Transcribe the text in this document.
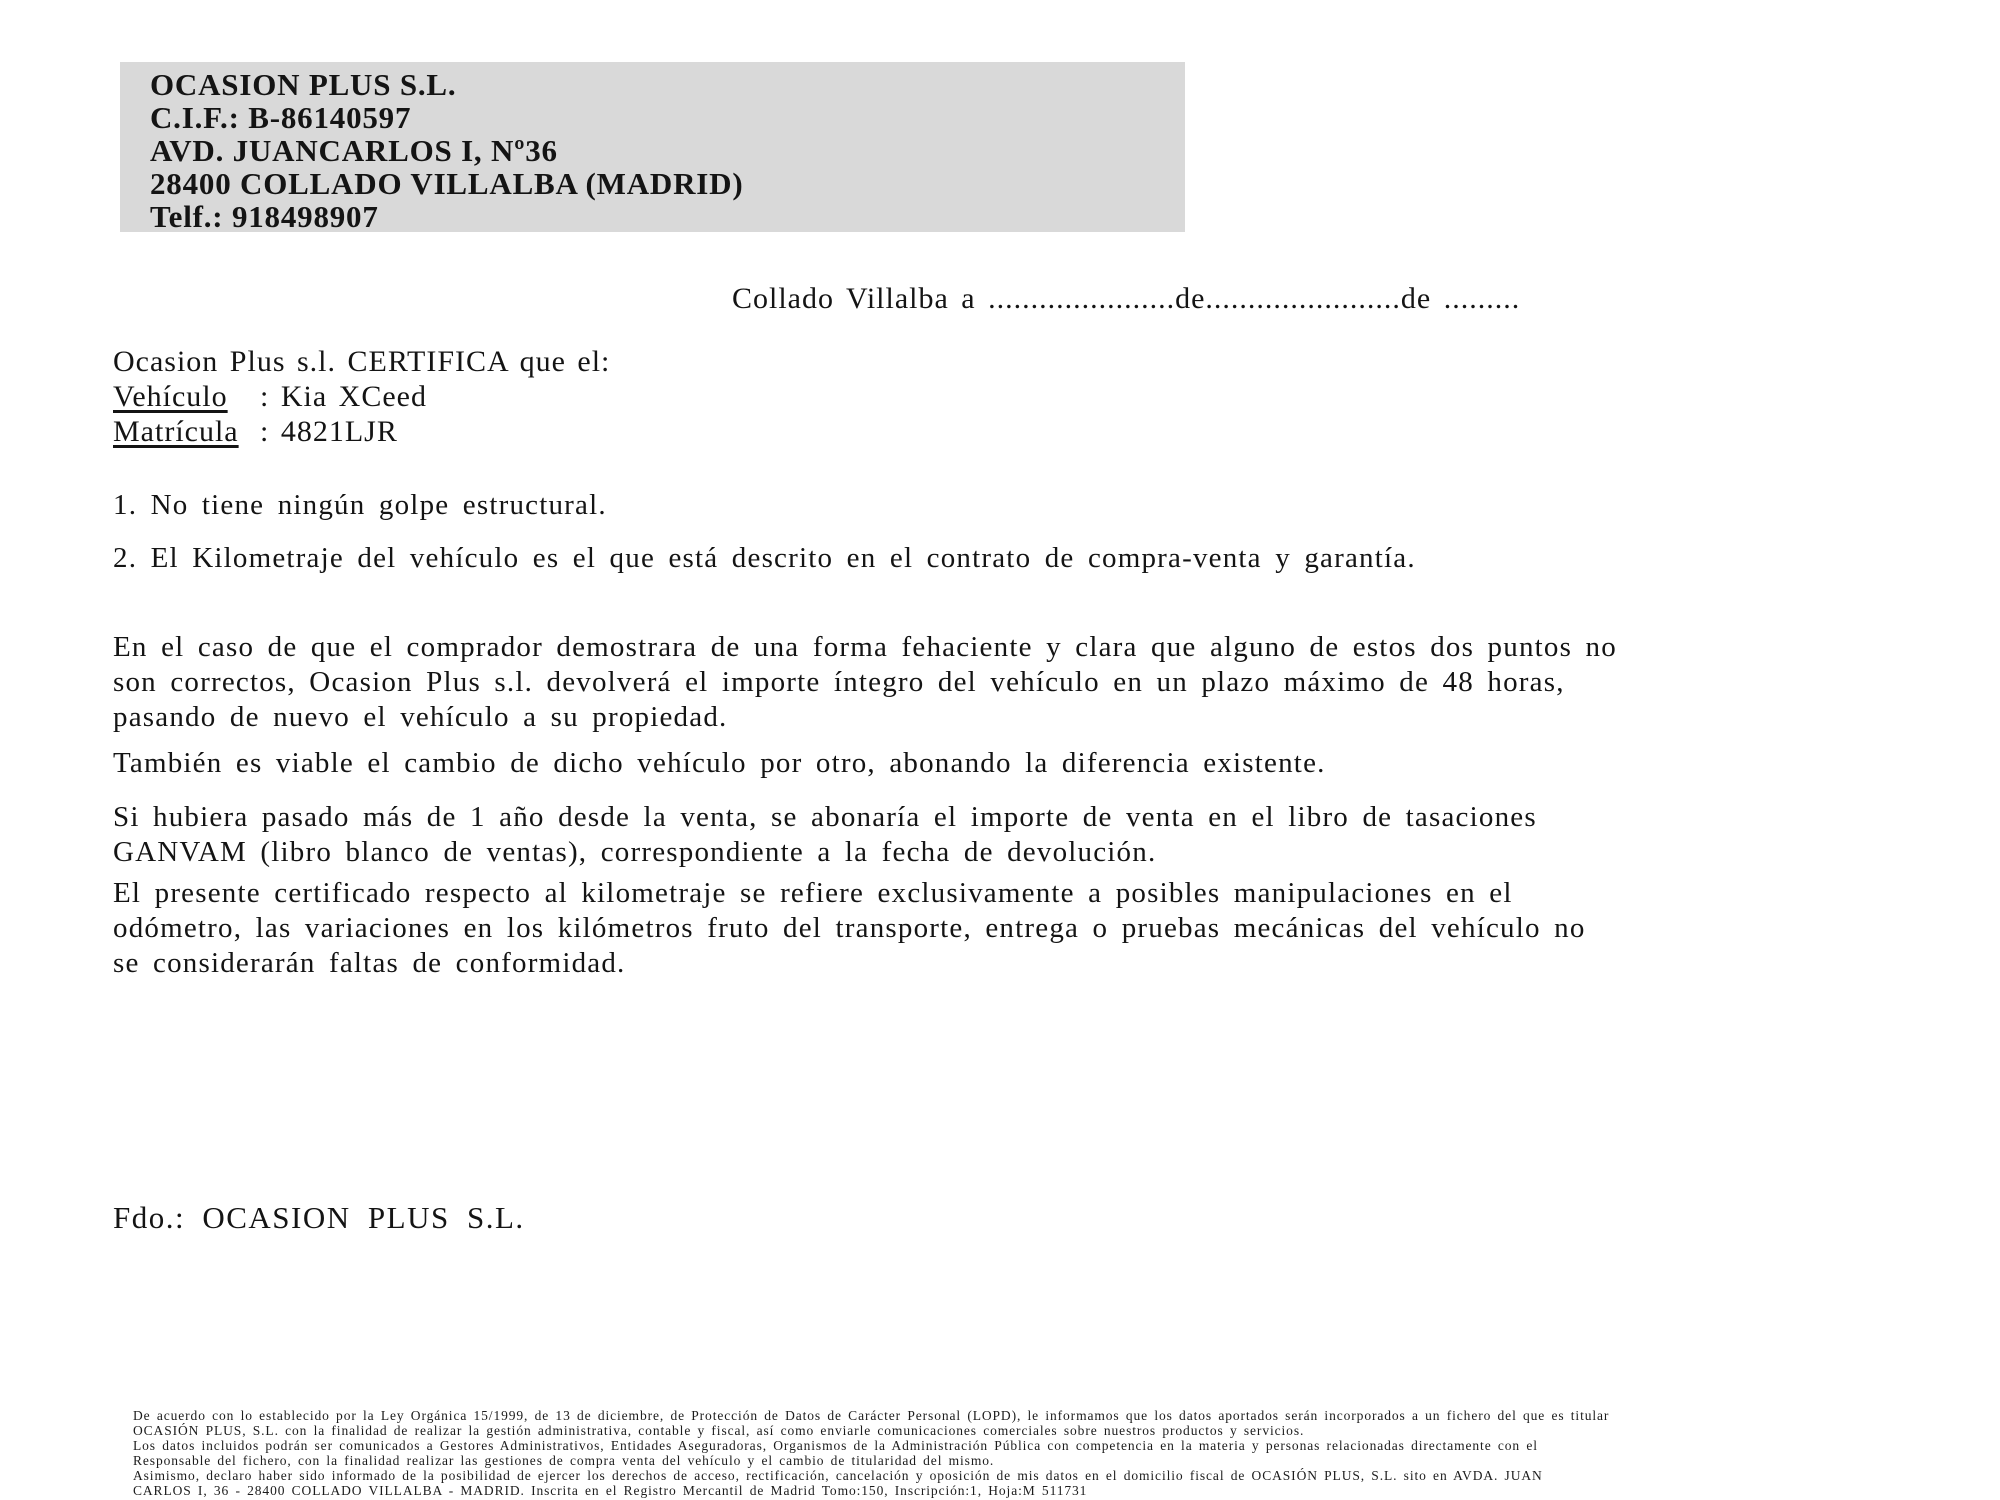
OCASION PLUS S.L.
C.I.F.: B-86140597
AVD. JUANCARLOS I, Nº36
28400 COLLADO VILLALBA (MADRID)
Telf.: 918498907
Collado Villalba a ......................de.......................de .........
Ocasion Plus s.l. CERTIFICA que el:
Vehículo : Kia XCeed
Matrícula : 4821LJR
1. No tiene ningún golpe estructural.
2. El Kilometraje del vehículo es el que está descrito en el contrato de compra-venta y garantía.
En el caso de que el comprador demostrara de una forma fehaciente y clara que alguno de estos dos puntos no
son correctos, Ocasion Plus s.l. devolverá el importe íntegro del vehículo en un plazo máximo de 48 horas,
pasando de nuevo el vehículo a su propiedad.
También es viable el cambio de dicho vehículo por otro, abonando la diferencia existente.
Si hubiera pasado más de 1 año desde la venta, se abonaría el importe de venta en el libro de tasaciones
GANVAM (libro blanco de ventas), correspondiente a la fecha de devolución.
El presente certificado respecto al kilometraje se refiere exclusivamente a posibles manipulaciones en el
odómetro, las variaciones en los kilómetros fruto del transporte, entrega o pruebas mecánicas del vehículo no
se considerarán faltas de conformidad.
Fdo.: OCASION PLUS S.L.
De acuerdo con lo establecido por la Ley Orgánica 15/1999, de 13 de diciembre, de Protección de Datos de Carácter Personal (LOPD), le informamos que los datos aportados serán incorporados a un fichero del que es titular
OCASIÓN PLUS, S.L. con la finalidad de realizar la gestión administrativa, contable y fiscal, así como enviarle comunicaciones comerciales sobre nuestros productos y servicios.
Los datos incluidos podrán ser comunicados a Gestores Administrativos, Entidades Aseguradoras, Organismos de la Administración Pública con competencia en la materia y personas relacionadas directamente con el
Responsable del fichero, con la finalidad realizar las gestiones de compra venta del vehículo y el cambio de titularidad del mismo.
Asimismo, declaro haber sido informado de la posibilidad de ejercer los derechos de acceso, rectificación, cancelación y oposición de mis datos en el domicilio fiscal de OCASIÓN PLUS, S.L. sito en AVDA. JUAN
CARLOS I, 36 - 28400 COLLADO VILLALBA - MADRID. Inscrita en el Registro Mercantil de Madrid Tomo:150, Inscripción:1, Hoja:M 511731
